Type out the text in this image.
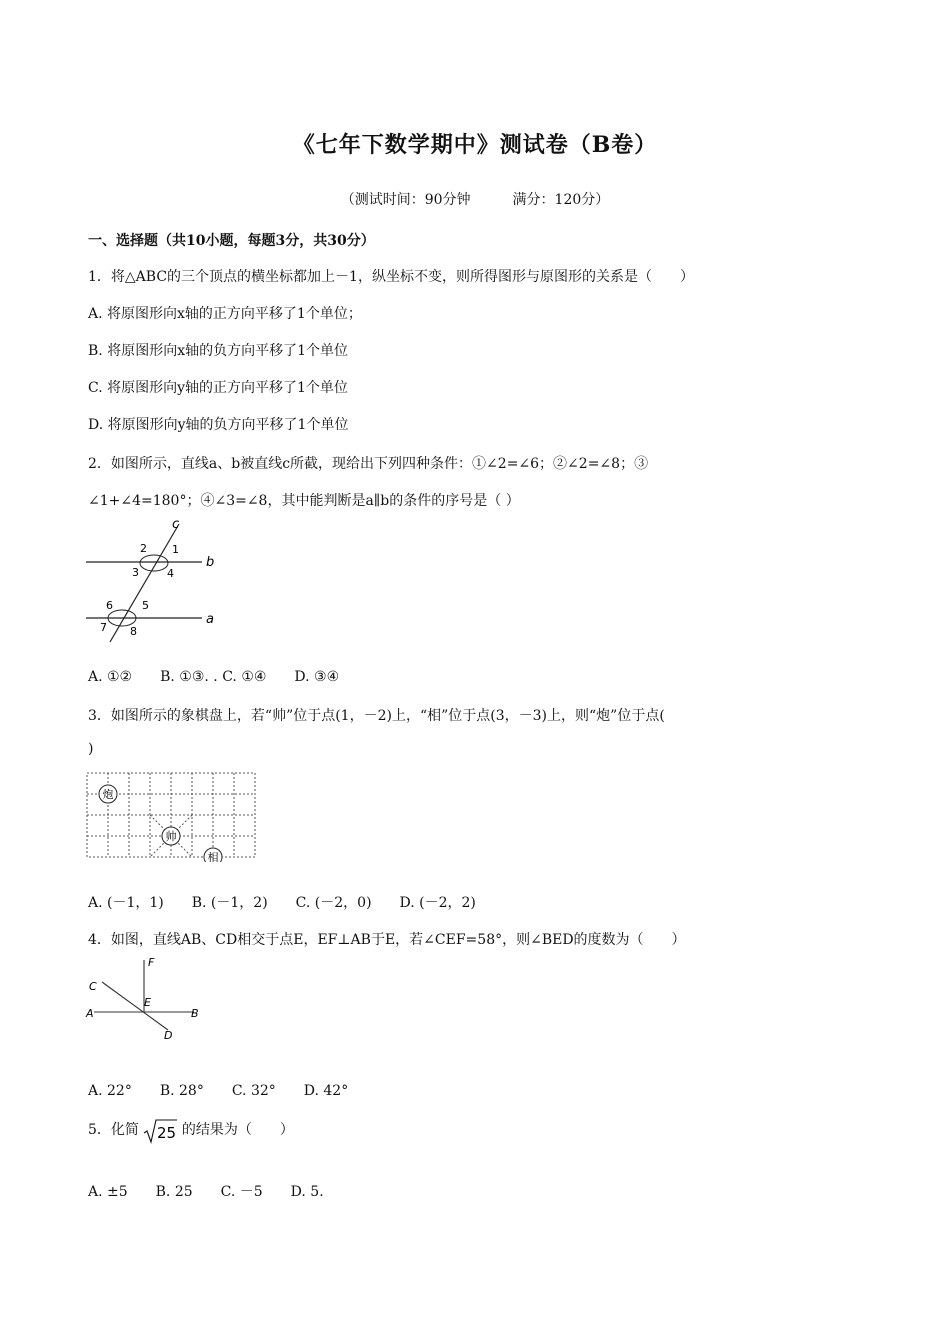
《七年下数学期中》测试卷（B卷）
（测试时间：90分钟　　　满分：120分）
一、选择题（共10小题，每题3分，共30分）
1．将△ABC的三个顶点的横坐标都加上－1，纵坐标不变，则所得图形与原图形的关系是（　　）
A. 将原图形向x轴的正方向平移了1个单位；
B. 将原图形向x轴的负方向平移了1个单位
C. 将原图形向y轴的正方向平移了1个单位
D. 将原图形向y轴的负方向平移了1个单位
2．如图所示，直线a、b被直线c所截，现给出下列四种条件：①∠2=∠6；②∠2=∠8；③
∠1+∠4=180°；④∠3=∠8，其中能判断是a∥b的条件的序号是（ ）
c
b
a
1
2
3	4
5
6
7 8
A. ①②　　B. ①③. . C. ①④　　D. ③④
3．如图所示的象棋盘上，若“帅”位于点(1，－2)上，“相”位于点(3，－3)上，则“炮”位于点(
)
炮
帅
相
A. (－1，1)　　B. (－1，2)　　C. (－2，0)　　D. (－2，2)
4．如图，直线AB、CD相交于点E，EF⊥AB于E，若∠CEF=58°，则∠BED的度数为（　　）
F
C
E
A	B
D
A. 22°　　B. 28°　　C. 32°　　D. 42°
5．化简 25 的结果为（　　）
A. ±5　　B. 25　　C. －5　　D. 5.
